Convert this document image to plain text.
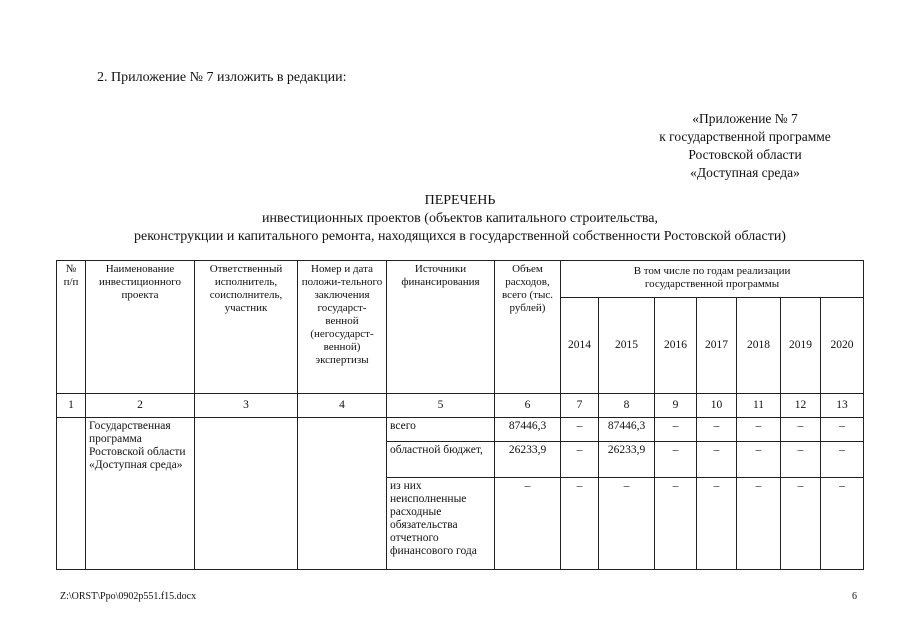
2. Приложение № 7 изложить в редакции:
«Приложение № 7
к государственной программе
Ростовской области
«Доступная среда»
ПЕРЕЧЕНЬ
инвестиционных проектов (объектов капитального строительства,
реконструкции и капитального ремонта, находящихся в государственной собственности Ростовской области)
№ п/п	Наименование инвестиционного проекта	Ответственный исполнитель, соисполнитель, участник	Номер и дата положи-тельного заключения государст-венной (негосударст-венной) экспертизы	Источники финансирования	Объем расходов, всего (тыс. рублей)	В том числе по годам реализации государственной программы						
						2014	2015	2016	2017	2018	2019	2020
1	2	3	4	5	6	7	8	9	10	11	12	13
	Государственная программа Ростовской области «Доступная среда»			всего	87446,3	–	87446,3	–	–	–	–	–
				областной бюджет,	26233,9	–	26233,9	–	–	–	–	–
				из них неисполненные расходные обязательства отчетного финансового года	–	–	–	–	–	–	–	–
Z:\ORST\Ppo\0902p551.f15.docx	6
